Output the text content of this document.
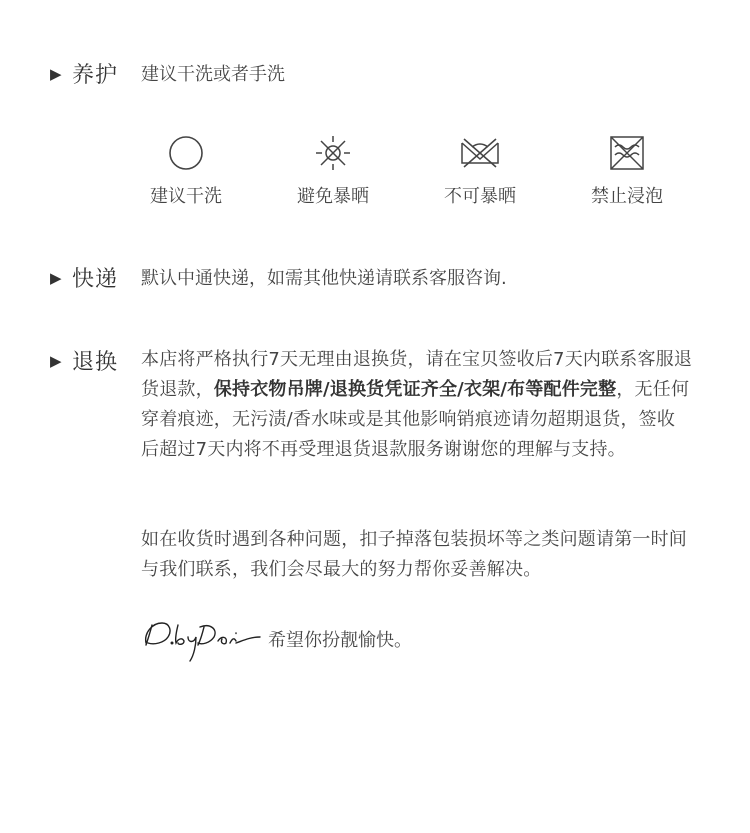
▶ 养护 建议干洗或者手洗
建议干洗	避免暴晒	不可暴晒	禁止浸泡
▶ 快递 默认中通快递，如需其他快递请联系客服咨询.
▶ 退换 本店将严格执行7天无理由退换货，请在宝贝签收后7天内联系客服退货退款，保持衣物吊牌/退换货凭证齐全/衣架/布等配件完整，无任何穿着痕迹，无污渍/香水味或是其他影响销痕迹请勿超期退货，签收后超过7天内将不再受理退货退款服务谢谢您的理解与支持。
如在收货时遇到各种问题，扣子掉落包装损坏等之类问题请第一时间与我们联系，我们会尽最大的努力帮你妥善解决。
希望你扮靓愉快。
